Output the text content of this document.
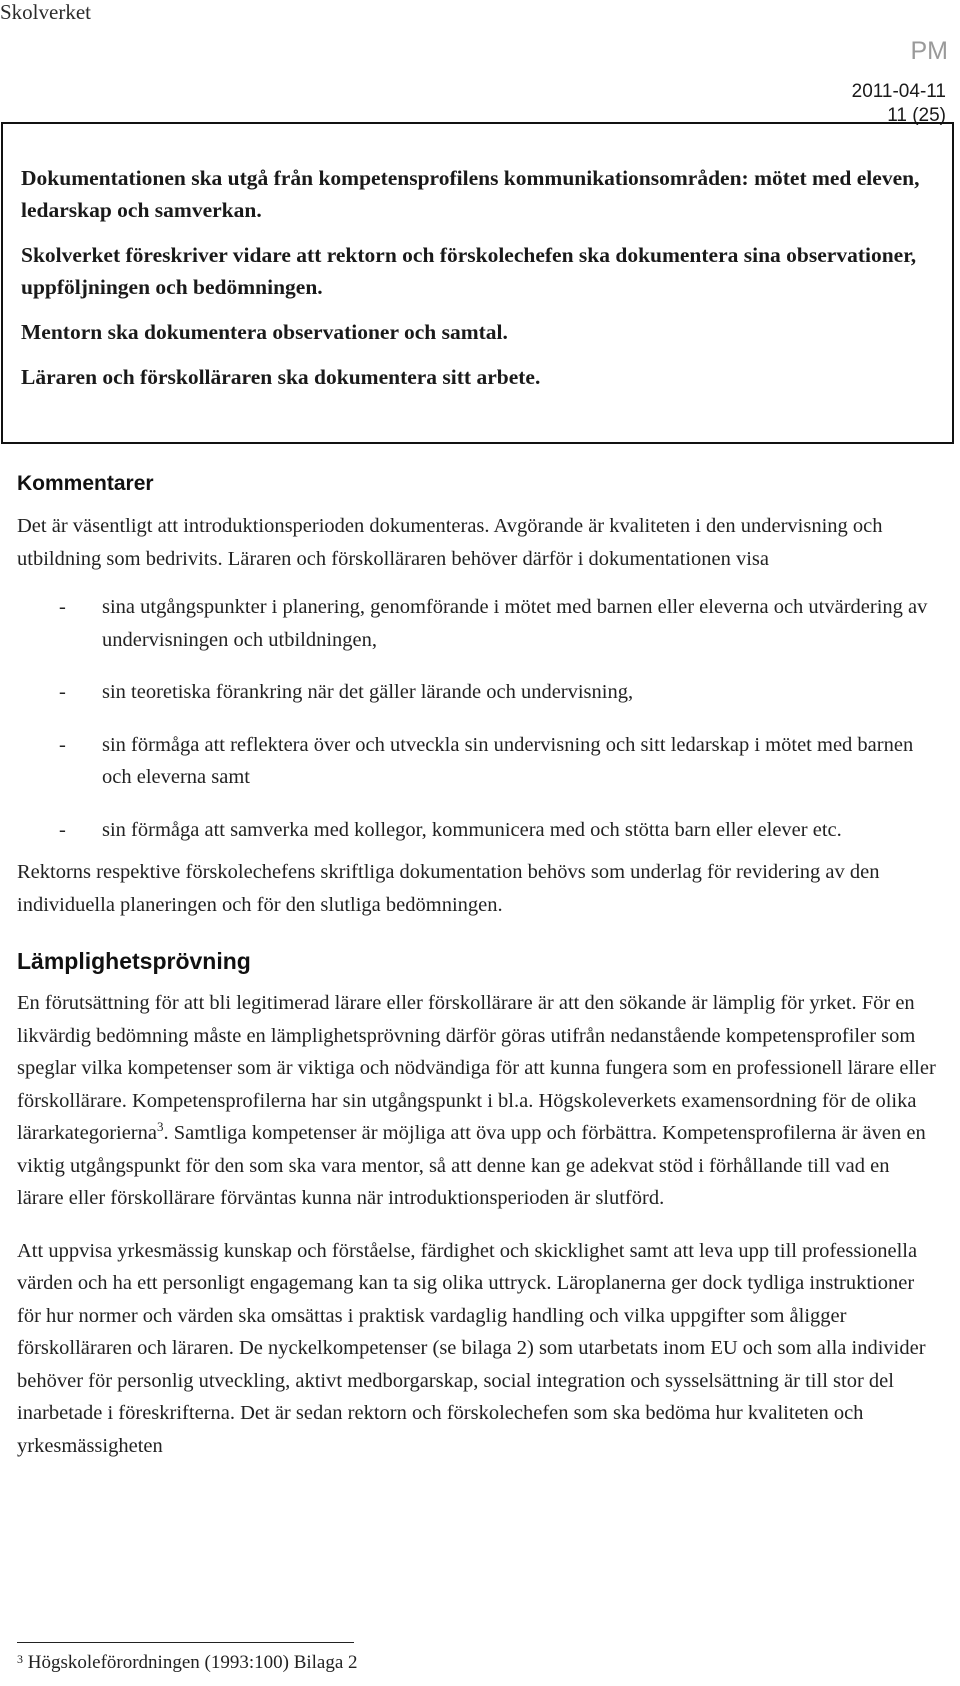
Skolverket
PM
2011-04-11
11 (25)

Dokumentationen ska utgå från kompetensprofilens kommunikationsområden: mötet med eleven, ledarskap och samverkan.

Skolverket föreskriver vidare att rektorn och förskolechefen ska dokumentera sina observationer, uppföljningen och bedömningen.

Mentorn ska dokumentera observationer och samtal.

Läraren och förskolläraren ska dokumentera sitt arbete.

Kommentarer

Det är väsentligt att introduktionsperioden dokumenteras. Avgörande är kvaliteten i den undervisning och utbildning som bedrivits. Läraren och förskolläraren behöver därför i dokumentationen visa

- sina utgångspunkter i planering, genomförande i mötet med barnen eller eleverna och utvärdering av undervisningen och utbildningen,
- sin teoretiska förankring när det gäller lärande och undervisning,
- sin förmåga att reflektera över och utveckla sin undervisning och sitt ledarskap i mötet med barnen och eleverna samt
- sin förmåga att samverka med kollegor, kommunicera med och stötta barn eller elever etc.

Rektorns respektive förskolechefens skriftliga dokumentation behövs som underlag för revidering av den individuella planeringen och för den slutliga bedömningen.

Lämplighetsprövning

En förutsättning för att bli legitimerad lärare eller förskollärare är att den sökande är lämplig för yrket. För en likvärdig bedömning måste en lämplighetsprövning därför göras utifrån nedanstående kompetensprofiler som speglar vilka kompetenser som är viktiga och nödvändiga för att kunna fungera som en professionell lärare eller förskollärare. Kompetensprofilerna har sin utgångspunkt i bl.a. Högskoleverkets examensordning för de olika lärarkategorierna$^3$. Samtliga kompetenser är möjliga att öva upp och förbättra. Kompetensprofilerna är även en viktig utgångspunkt för den som ska vara mentor, så att denne kan ge adekvat stöd i förhållande till vad en lärare eller förskollärare förväntas kunna när introduktionsperioden är slutförd.

Att uppvisa yrkesmässig kunskap och förståelse, färdighet och skicklighet samt att leva upp till professionella värden och ha ett personligt engagemang kan ta sig olika uttryck. Läroplanerna ger dock tydliga instruktioner för hur normer och värden ska omsättas i praktisk vardaglig handling och vilka uppgifter som åligger förskolläraren och läraren. De nyckelkompetenser (se bilaga 2) som utarbetats inom EU och som alla individer behöver för personlig utveckling, aktivt medborgarskap, social integration och sysselsättning är till stor del inarbetade i föreskrifterna. Det är sedan rektorn och förskolechefen som ska bedöma hur kvaliteten och yrkesmässigheten

$^3$ Högskoleförordningen (1993:100) Bilaga 2
